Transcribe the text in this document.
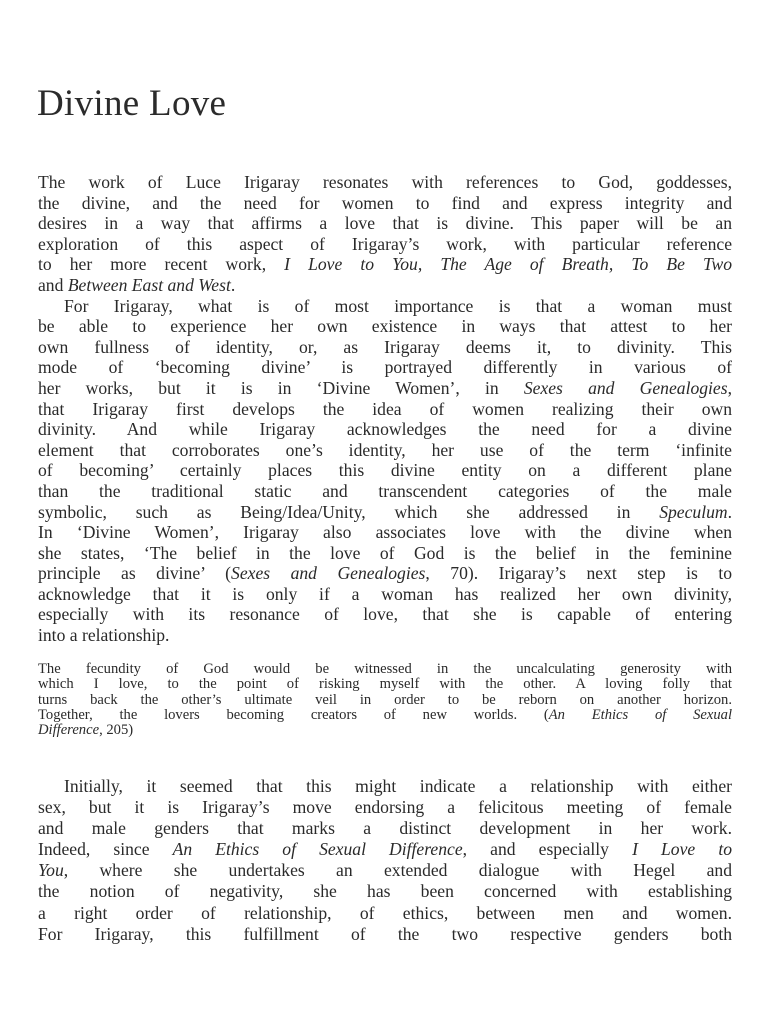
Divine Love
The work of Luce Irigaray resonates with references to God, goddesses,
the divine, and the need for women to find and express integrity and
desires in a way that affirms a love that is divine. This paper will be an
exploration of this aspect of Irigaray’s work, with particular reference
to her more recent work, I Love to You, The Age of Breath, To Be Two
and Between East and West.
For Irigaray, what is of most importance is that a woman must
be able to experience her own existence in ways that attest to her
own fullness of identity, or, as Irigaray deems it, to divinity. This
mode of ‘becoming divine’ is portrayed differently in various of
her works, but it is in ‘Divine Women’, in Sexes and Genealogies,
that Irigaray first develops the idea of women realizing their own
divinity. And while Irigaray acknowledges the need for a divine
element that corroborates one’s identity, her use of the term ‘infinite
of becoming’ certainly places this divine entity on a different plane
than the traditional static and transcendent categories of the male
symbolic, such as Being/Idea/Unity, which she addressed in Speculum.
In ‘Divine Women’, Irigaray also associates love with the divine when
she states, ‘The belief in the love of God is the belief in the feminine
principle as divine’ (Sexes and Genealogies, 70). Irigaray’s next step is to
acknowledge that it is only if a woman has realized her own divinity,
especially with its resonance of love, that she is capable of entering
into a relationship.
The fecundity of God would be witnessed in the uncalculating generosity with
which I love, to the point of risking myself with the other. A loving folly that
turns back the other’s ultimate veil in order to be reborn on another horizon.
Together, the lovers becoming creators of new worlds. (An Ethics of Sexual
Difference, 205)
Initially, it seemed that this might indicate a relationship with either
sex, but it is Irigaray’s move endorsing a felicitous meeting of female
and male genders that marks a distinct development in her work.
Indeed, since An Ethics of Sexual Difference, and especially I Love to
You, where she undertakes an extended dialogue with Hegel and
the notion of negativity, she has been concerned with establishing
a right order of relationship, of ethics, between men and women.
For Irigaray, this fulfillment of the two respective genders both
